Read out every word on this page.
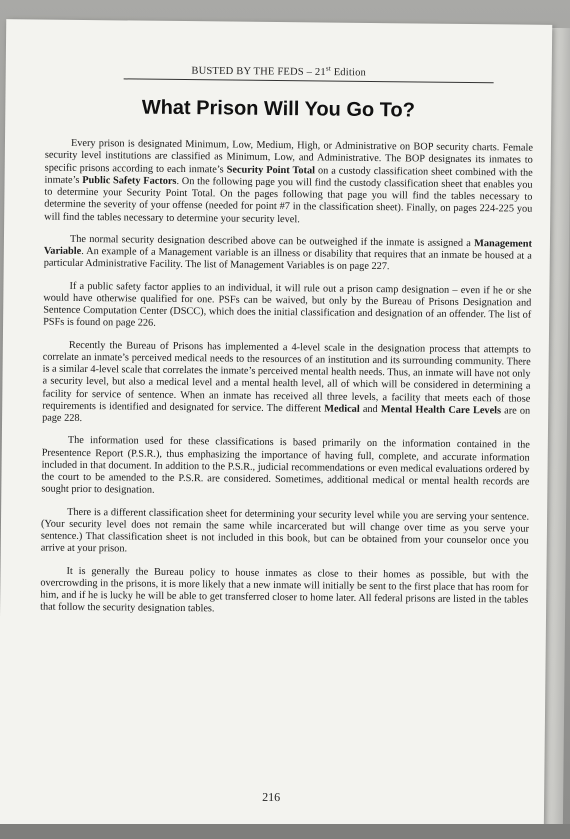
BUSTED BY THE FEDS – 21st Edition
What Prison Will You Go To?

Every prison is designated Minimum, Low, Medium, High, or Administrative on BOP security charts. Female security level institutions are classified as Minimum, Low, and Administrative. The BOP designates its inmates to specific prisons according to each inmate’s Security Point Total on a custody classification sheet combined with the inmate’s Public Safety Factors. On the following page you will find the custody classification sheet that enables you to determine your Security Point Total. On the pages following that page you will find the tables necessary to determine the severity of your offense (needed for point #7 in the classification sheet). Finally, on pages 224-225 you will find the tables necessary to determine your security level.

The normal security designation described above can be outweighed if the inmate is assigned a Management Variable. An example of a Management variable is an illness or disability that requires that an inmate be housed at a particular Administrative Facility. The list of Management Variables is on page 227.

If a public safety factor applies to an individual, it will rule out a prison camp designation – even if he or she would have otherwise qualified for one. PSFs can be waived, but only by the Bureau of Prisons Designation and Sentence Computation Center (DSCC), which does the initial classification and designation of an offender. The list of PSFs is found on page 226.

Recently the Bureau of Prisons has implemented a 4-level scale in the designation process that attempts to correlate an inmate’s perceived medical needs to the resources of an institution and its surrounding community. There is a similar 4-level scale that correlates the inmate’s perceived mental health needs. Thus, an inmate will have not only a security level, but also a medical level and a mental health level, all of which will be considered in determining a facility for service of sentence. When an inmate has received all three levels, a facility that meets each of those requirements is identified and designated for service. The different Medical and Mental Health Care Levels are on page 228.

The information used for these classifications is based primarily on the information contained in the Presentence Report (P.S.R.), thus emphasizing the importance of having full, complete, and accurate information included in that document. In addition to the P.S.R., judicial recommendations or even medical evaluations ordered by the court to be amended to the P.S.R. are considered. Sometimes, additional medical or mental health records are sought prior to designation.

There is a different classification sheet for determining your security level while you are serving your sentence. (Your security level does not remain the same while incarcerated but will change over time as you serve your sentence.) That classification sheet is not included in this book, but can be obtained from your counselor once you arrive at your prison.

It is generally the Bureau policy to house inmates as close to their homes as possible, but with the overcrowding in the prisons, it is more likely that a new inmate will initially be sent to the first place that has room for him, and if he is lucky he will be able to get transferred closer to home later. All federal prisons are listed in the tables that follow the security designation tables.

216
